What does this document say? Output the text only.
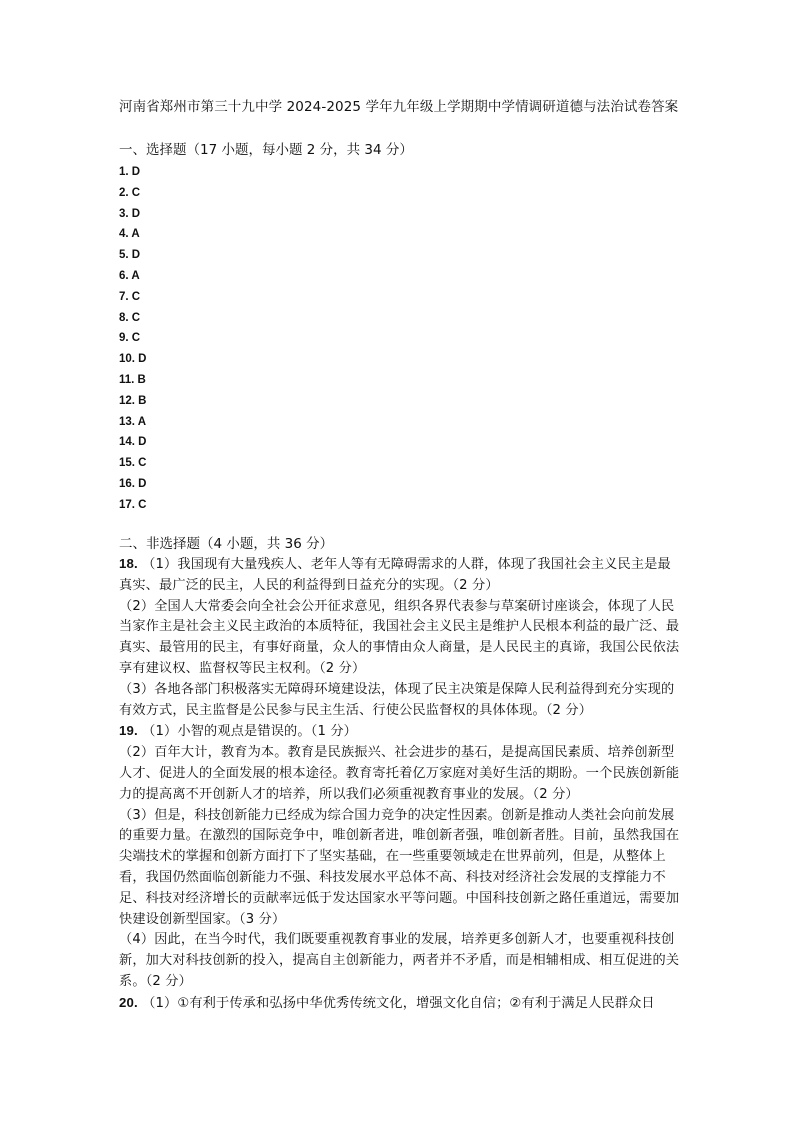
河南省郑州市第三十九中学 2024-2025 学年九年级上学期期中学情调研道德与法治试卷答案
一、选择题（17 小题，每小题 2 分，共 34 分）
1. D
2. C
3. D
4. A
5. D
6. A
7. C
8. C
9. C
10. D
11. B
12. B
13. A
14. D
15. C
16. D
17. C
二、非选择题（4 小题，共 36 分）

18. （1）我国现有大量残疾人、老年人等有无障碍需求的人群，体现了我国社会主义民主是最真实、最广泛的民主，人民的利益得到日益充分的实现。（2 分）

（2）全国人大常委会向全社会公开征求意见，组织各界代表参与草案研讨座谈会，体现了人民当家作主是社会主义民主政治的本质特征，我国社会主义民主是维护人民根本利益的最广泛、最真实、最管用的民主，有事好商量，众人的事情由众人商量，是人民民主的真谛，我国公民依法享有建议权、监督权等民主权利。（2 分）

（3）各地各部门积极落实无障碍环境建设法，体现了民主决策是保障人民利益得到充分实现的有效方式，民主监督是公民参与民主生活、行使公民监督权的具体体现。（2 分）

19. （1）小智的观点是错误的。（1 分）

（2）百年大计，教育为本。教育是民族振兴、社会进步的基石，是提高国民素质、培养创新型人才、促进人的全面发展的根本途径。教育寄托着亿万家庭对美好生活的期盼。一个民族创新能力的提高离不开创新人才的培养，所以我们必须重视教育事业的发展。（2 分）

（3）但是，科技创新能力已经成为综合国力竞争的决定性因素。创新是推动人类社会向前发展的重要力量。在激烈的国际竞争中，唯创新者进，唯创新者强，唯创新者胜。目前，虽然我国在尖端技术的掌握和创新方面打下了坚实基础，在一些重要领域走在世界前列，但是，从整体上看，我国仍然面临创新能力不强、科技发展水平总体不高、科技对经济社会发展的支撑能力不足、科技对经济增长的贡献率远低于发达国家水平等问题。中国科技创新之路任重道远，需要加快建设创新型国家。（3 分）

（4）因此，在当今时代，我们既要重视教育事业的发展，培养更多创新人才，也要重视科技创新，加大对科技创新的投入，提高自主创新能力，两者并不矛盾，而是相辅相成、相互促进的关系。（2 分）

20. （1）①有利于传承和弘扬中华优秀传统文化，增强文化自信；②有利于满足人民群众日
